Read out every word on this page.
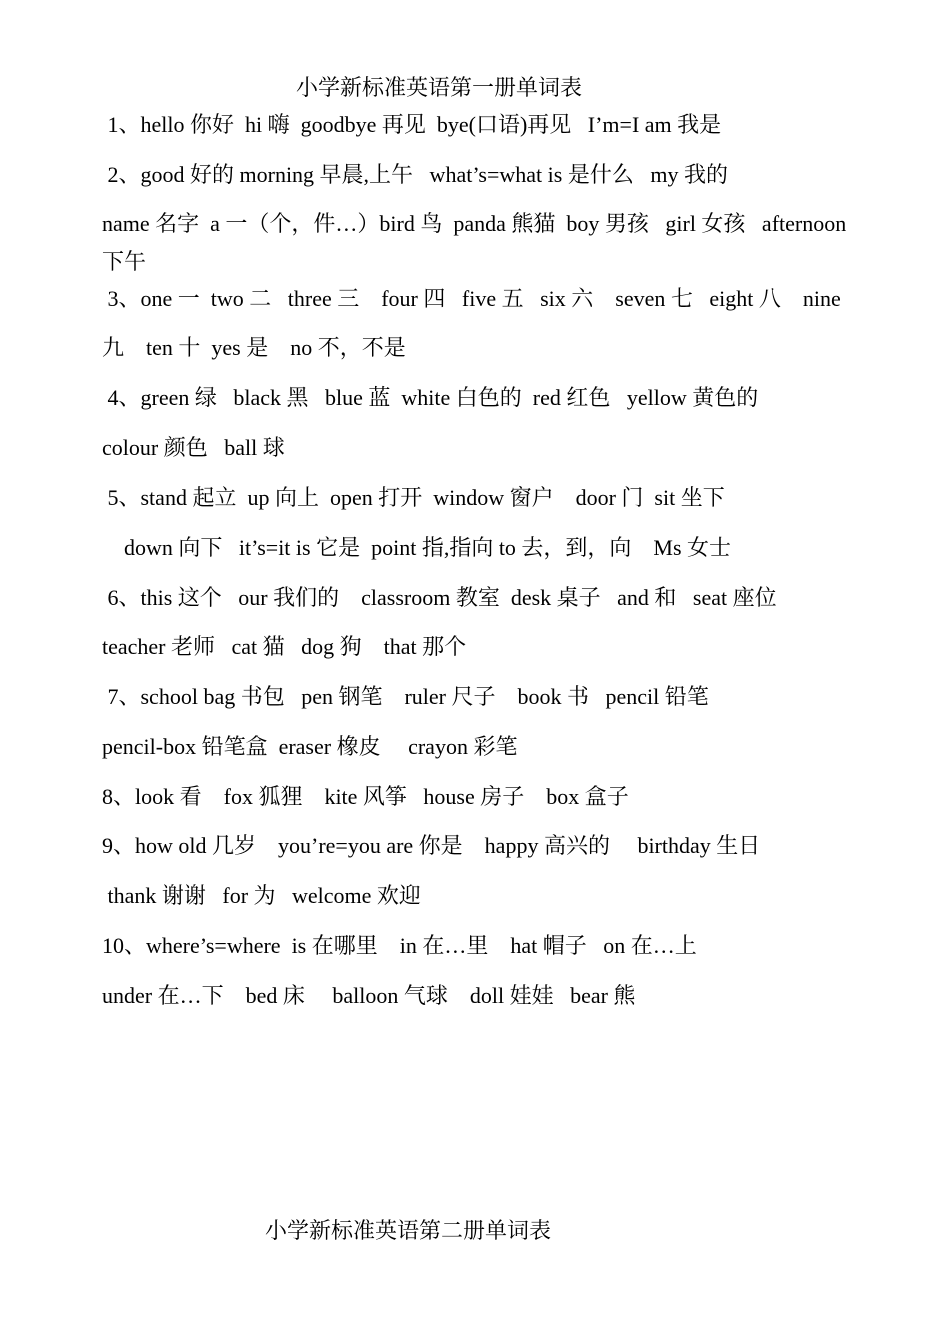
小学新标准英语第一册单词表
1、hello 你好  hi 嗨  goodbye 再见  bye(口语)再见   I’m=I am 我是
2、good 好的 morning 早晨,上午   what’s=what is 是什么   my 我的
name 名字  a 一（个，件…）bird 鸟  panda 熊猫  boy 男孩   girl 女孩   afternoon
下午
3、one 一  two 二   three 三    four 四   five 五   six 六    seven 七   eight 八    nine
九    ten 十  yes 是    no 不，不是
4、green 绿   black 黑   blue 蓝  white 白色的  red 红色   yellow 黄色的
colour 颜色   ball 球
5、stand 起立  up 向上  open 打开  window 窗户    door 门  sit 坐下
down 向下   it’s=it is 它是  point 指,指向 to 去，到，向    Ms 女士
6、this 这个   our 我们的    classroom 教室  desk 桌子   and 和   seat 座位
teacher 老师   cat 猫   dog 狗    that 那个
7、school bag 书包   pen 钢笔    ruler 尺子    book 书   pencil 铅笔
pencil-box 铅笔盒  eraser 橡皮     crayon 彩笔
8、look 看    fox 狐狸    kite 风筝   house 房子    box 盒子
9、how old 几岁    you’re=you are 你是    happy 高兴的     birthday 生日
thank 谢谢   for 为   welcome 欢迎
10、where’s=where  is 在哪里    in 在…里    hat 帽子   on 在…上
under 在…下    bed 床     balloon 气球    doll 娃娃   bear 熊
小学新标准英语第二册单词表
